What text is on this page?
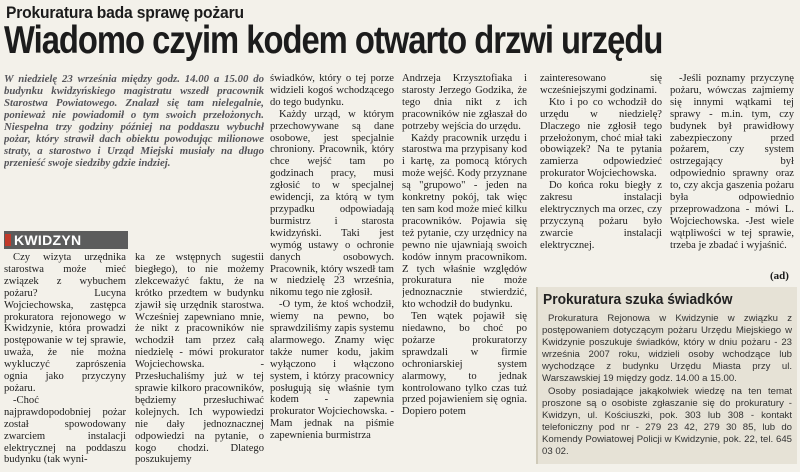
Prokuratura bada sprawę pożaru
Wiadomo czyim kodem otwarto drzwi urzędu
W niedzielę 23 września między godz. 14.00 a 15.00 do budynku kwidzyńskiego magistratu wszedł pracownik Starostwa Powiatowego. Znalazł się tam nielegalnie, ponieważ nie powiadomił o tym swoich przełożonych. Niespełna trzy godziny później na poddaszu wybuchł pożar, który strawił dach obiektu powodując milionowe straty, a starostwo i Urząd Miejski musiały na długo przenieść swoje siedziby gdzie indziej.
KWIDZYN

Czy wizyta urzędnika starostwa może mieć związek z wybuchem pożaru? Lucyna Wojciechowska, zastępca prokuratora rejonowego w Kwidzynie, która prowadzi postępowanie w tej sprawie, uważa, że nie można wykluczyć zaprószenia ognia jako przyczyny pożaru.

-Choć najprawdopodobniej pożar został spowodowany zwarciem instalacji elektrycznej na poddaszu budynku (tak wyni-

ka ze wstępnych sugestii biegłego), to nie możemy zlekceważyć faktu, że na krótko przedtem w budynku zjawił się urzędnik starostwa. Wcześniej zapewniano mnie, że nikt z pracowników nie wchodził tam przez całą niedzielę - mówi prokurator Wojciechowska. -Przesłuchaliśmy już w tej sprawie kilkoro pracowników, będziemy przesłuchiwać kolejnych. Ich wypowiedzi nie dały jednoznacznej odpowiedzi na pytanie, o kogo chodzi. Dlatego poszukujemy

świadków, który o tej porze widzieli kogoś wchodzącego do tego budynku.

Każdy urząd, w którym przechowywane są dane osobowe, jest specjalnie chroniony. Pracownik, który chce wejść tam po godzinach pracy, musi zgłosić to w specjalnej ewidencji, za którą w tym przypadku odpowiadają burmistrz i starosta kwidzyński. Taki jest wymóg ustawy o ochronie danych osobowych. Pracownik, który wszedł tam w niedzielę 23 września, nikomu tego nie zgłosił.

-O tym, że ktoś wchodził, wiemy na pewno, bo sprawdziliśmy zapis systemu alarmowego. Znamy więc także numer kodu, jakim wyłączono i włączono system, i którzy pracownicy posługują się właśnie tym kodem - zapewnia prokurator Wojciechowska. -Mam jednak na piśmie zapewnienia burmistrza

Andrzeja Krzysztofiaka i starosty Jerzego Godzika, że tego dnia nikt z ich pracowników nie zgłaszał do potrzeby wejścia do urzędu.

Każdy pracownik urzędu i starostwa ma przypisany kod i kartę, za pomocą których może wejść. Kody przyznane są "grupowo" - jeden na konkretny pokój, tak więc ten sam kod może mieć kilku pracowników. Pojawia się też pytanie, czy urzędnicy na pewno nie ujawniają swoich kodów innym pracownikom. Z tych właśnie względów prokuratura nie może jednoznacznie stwierdzić, kto wchodził do budynku.

Ten wątek pojawił się niedawno, bo choć po pożarze prokuratorzy sprawdzali w firmie ochroniarskiej system alarmowy, to jednak kontrolowano tylko czas tuż przed pojawieniem się ognia. Dopiero potem

zainteresowano się wcześniejszymi godzinami.

Kto i po co wchodził do urzędu w niedzielę? Dlaczego nie zgłosił tego przełożonym, choć miał taki obowiązek? Na te pytania zamierza odpowiedzieć prokurator Wojciechowska.

Do końca roku biegły z zakresu instalacji elektrycznych ma orzec, czy przyczyną pożaru było zwarcie instalacji elektrycznej.

-Jeśli poznamy przyczynę pożaru, wówczas zajmiemy się innymi wątkami tej sprawy - m.in. tym, czy budynek był prawidłowy zabezpieczony przed pożarem, czy system ostrzegający był odpowiednio sprawny oraz to, czy akcja gaszenia pożaru była odpowiednio przeprowadzona - mówi L. Wojciechowska. -Jest wiele wątpliwości w tej sprawie, trzeba je zbadać i wyjaśnić.

(ad)
Prokuratura szuka świadków

Prokuratura Rejonowa w Kwidzynie w związku z postępowaniem dotyczącym pożaru Urzędu Miejskiego w Kwidzynie poszukuje świadków, który w dniu pożaru - 23 września 2007 roku, widzieli osoby wchodzące lub wychodzące z budynku Urzędu Miasta przy ul. Warszawskiej 19 między godz. 14.00 a 15.00.

Osoby posiadające jakąkolwiek wiedzę na ten temat proszone są o osobiste zgłaszanie się do prokuratury - Kwidzyn, ul. Kościuszki, pok. 303 lub 308 - kontakt telefoniczny pod nr - 279 23 42, 279 30 85, lub do Komendy Powiatowej Policji w Kwidzynie, pok. 22, tel. 645 03 02.
